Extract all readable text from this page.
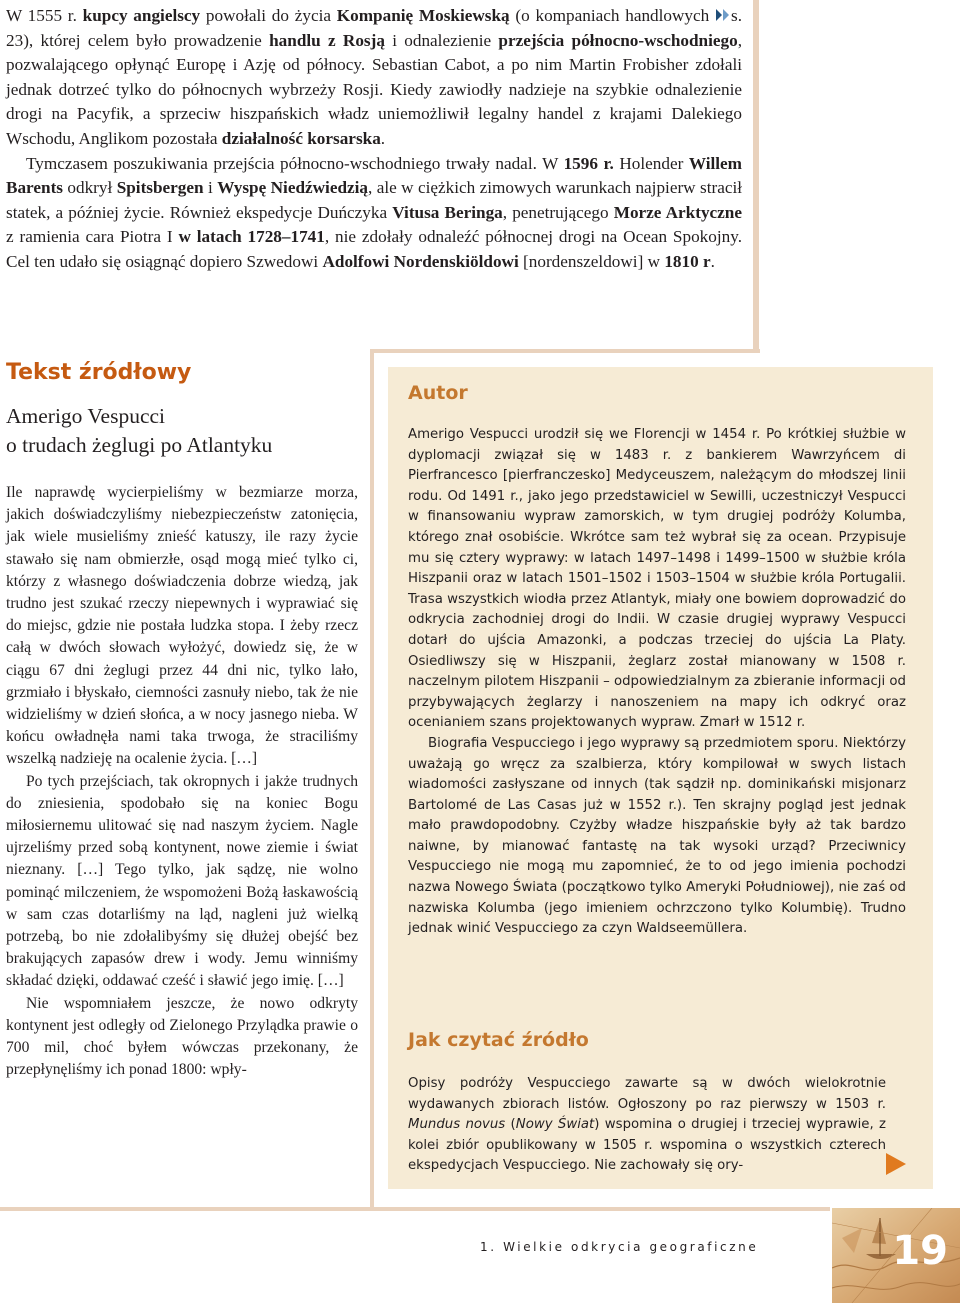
W 1555 r. kupcy angielscy powołali do życia Kompanię Moskiewską (o kompaniach handlowych s. 23), której celem było prowadzenie handlu z Rosją i odnalezienie przejścia północno-wschodniego, pozwalającego opłynąć Europę i Azję od północy. Sebastian Cabot, a po nim Martin Frobisher zdołali jednak dotrzeć tylko do północnych wybrzeży Rosji. Kiedy zawiodły nadzieje na szybkie odnalezienie drogi na Pacyfik, a sprzeciw hiszpańskich władz uniemożliwił legalny handel z krajami Dalekiego Wschodu, Anglikom pozostała działalność korsarska.

Tymczasem poszukiwania przejścia północno-wschodniego trwały nadal. W 1596 r. Holender Willem Barents odkrył Spitsbergen i Wyspę Niedźwiedzią, ale w ciężkich zimowych warunkach najpierw stracił statek, a później życie. Również ekspedycje Duńczyka Vitusa Beringa, penetrującego Morze Arktyczne z ramienia cara Piotra I w latach 1728–1741, nie zdołały odnaleźć północnej drogi na Ocean Spokojny. Cel ten udało się osiągnąć dopiero Szwedowi Adolfowi Nordenskiöldowi [nordenszeldowi] w 1810 r.

Tekst źródłowy
Amerigo Vespucci
o trudach żeglugi po Atlantyku

Ile naprawdę wycierpieliśmy w bezmiarze morza, jakich doświadczyliśmy niebezpieczeństw zatonięcia, jak wiele musieliśmy znieść katuszy, ile razy życie stawało się nam obmierzłe, osąd mogą mieć tylko ci, którzy z własnego doświadczenia dobrze wiedzą, jak trudno jest szukać rzeczy niepewnych i wyprawiać się do miejsc, gdzie nie postała ludzka stopa. I żeby rzecz całą w dwóch słowach wyłożyć, dowiedz się, że w ciągu 67 dni żeglugi przez 44 dni nic, tylko lało, grzmiało i błyskało, ciemności zasnuły niebo, tak że nie widzieliśmy w dzień słońca, a w nocy jasnego nieba. W końcu owładnęła nami taka trwoga, że straciliśmy wszelką nadzieję na ocalenie życia. […]

Po tych przejściach, tak okropnych i jakże trudnych do zniesienia, spodobało się na koniec Bogu miłosiernemu ulitować się nad naszym życiem. Nagle ujrzeliśmy przed sobą kontynent, nowe ziemie i świat nieznany. […] Tego tylko, jak sądzę, nie wolno pominąć milczeniem, że wspomożeni Bożą łaskawością w sam czas dotarliśmy na ląd, nagleni już wielką potrzebą, bo nie zdołalibyśmy się dłużej obejść bez brakujących zapasów drew i wody. Jemu winniśmy składać dzięki, oddawać cześć i sławić jego imię. […]

Nie wspomniałem jeszcze, że nowo odkryty kontynent jest odległy od Zielonego Przylądka prawie o 700 mil, choć byłem wówczas przekonany, że przepłynęliśmy ich ponad 1800: wpły-

Autor

Amerigo Vespucci urodził się we Florencji w 1454 r. Po krótkiej służbie w dyplomacji związał się w 1483 r. z bankierem Wawrzyńcem di Pierfrancesco [pierfranczesko] Medyceuszem, należącym do młodszej linii rodu. Od 1491 r., jako jego przedstawiciel w Sewilli, uczestniczył Vespucci w finansowaniu wypraw zamorskich, w tym drugiej podróży Kolumba, którego znał osobiście. Wkrótce sam też wybrał się za ocean. Przypisuje mu się cztery wyprawy: w latach 1497–1498 i 1499–1500 w służbie króla Hiszpanii oraz w latach 1501–1502 i 1503–1504 w służbie króla Portugalii. Trasa wszystkich wiodła przez Atlantyk, miały one bowiem doprowadzić do odkrycia zachodniej drogi do Indii. W czasie drugiej wyprawy Vespucci dotarł do ujścia Amazonki, a podczas trzeciej do ujścia La Platy. Osiedliwszy się w Hiszpanii, żeglarz został mianowany w 1508 r. naczelnym pilotem Hiszpanii – odpowiedzialnym za zbieranie informacji od przybywających żeglarzy i nanoszeniem na mapy ich odkryć oraz ocenianiem szans projektowanych wypraw. Zmarł w 1512 r.

Biografia Vespucciego i jego wyprawy są przedmiotem sporu. Niektórzy uważają go wręcz za szalbierza, który kompilował w swych listach wiadomości zasłyszane od innych (tak sądził np. dominikański misjonarz Bartolomé de Las Casas już w 1552 r.). Ten skrajny pogląd jest jednak mało prawdopodobny. Czyżby władze hiszpańskie były aż tak bardzo naiwne, by mianować fantastę na tak wysoki urząd? Przeciwnicy Vespucciego nie mogą mu zapomnieć, że to od jego imienia pochodzi nazwa Nowego Świata (początkowo tylko Ameryki Południowej), nie zaś od nazwiska Kolumba (jego imieniem ochrzczono tylko Kolumbię). Trudno jednak winić Vespucciego za czyn Waldseemüllera.

Jak czytać źródło

Opisy podróży Vespucciego zawarte są w dwóch wielokrotnie wydawanych zbiorach listów. Ogłoszony po raz pierwszy w 1503 r. Mundus novus (Nowy Świat) wspomina o drugiej i trzeciej wyprawie, z kolei zbiór opublikowany w 1505 r. wspomina o wszystkich czterech ekspedycjach Vespucciego. Nie zachowały się ory-

1. Wielkie odkrycia geograficzne	19
